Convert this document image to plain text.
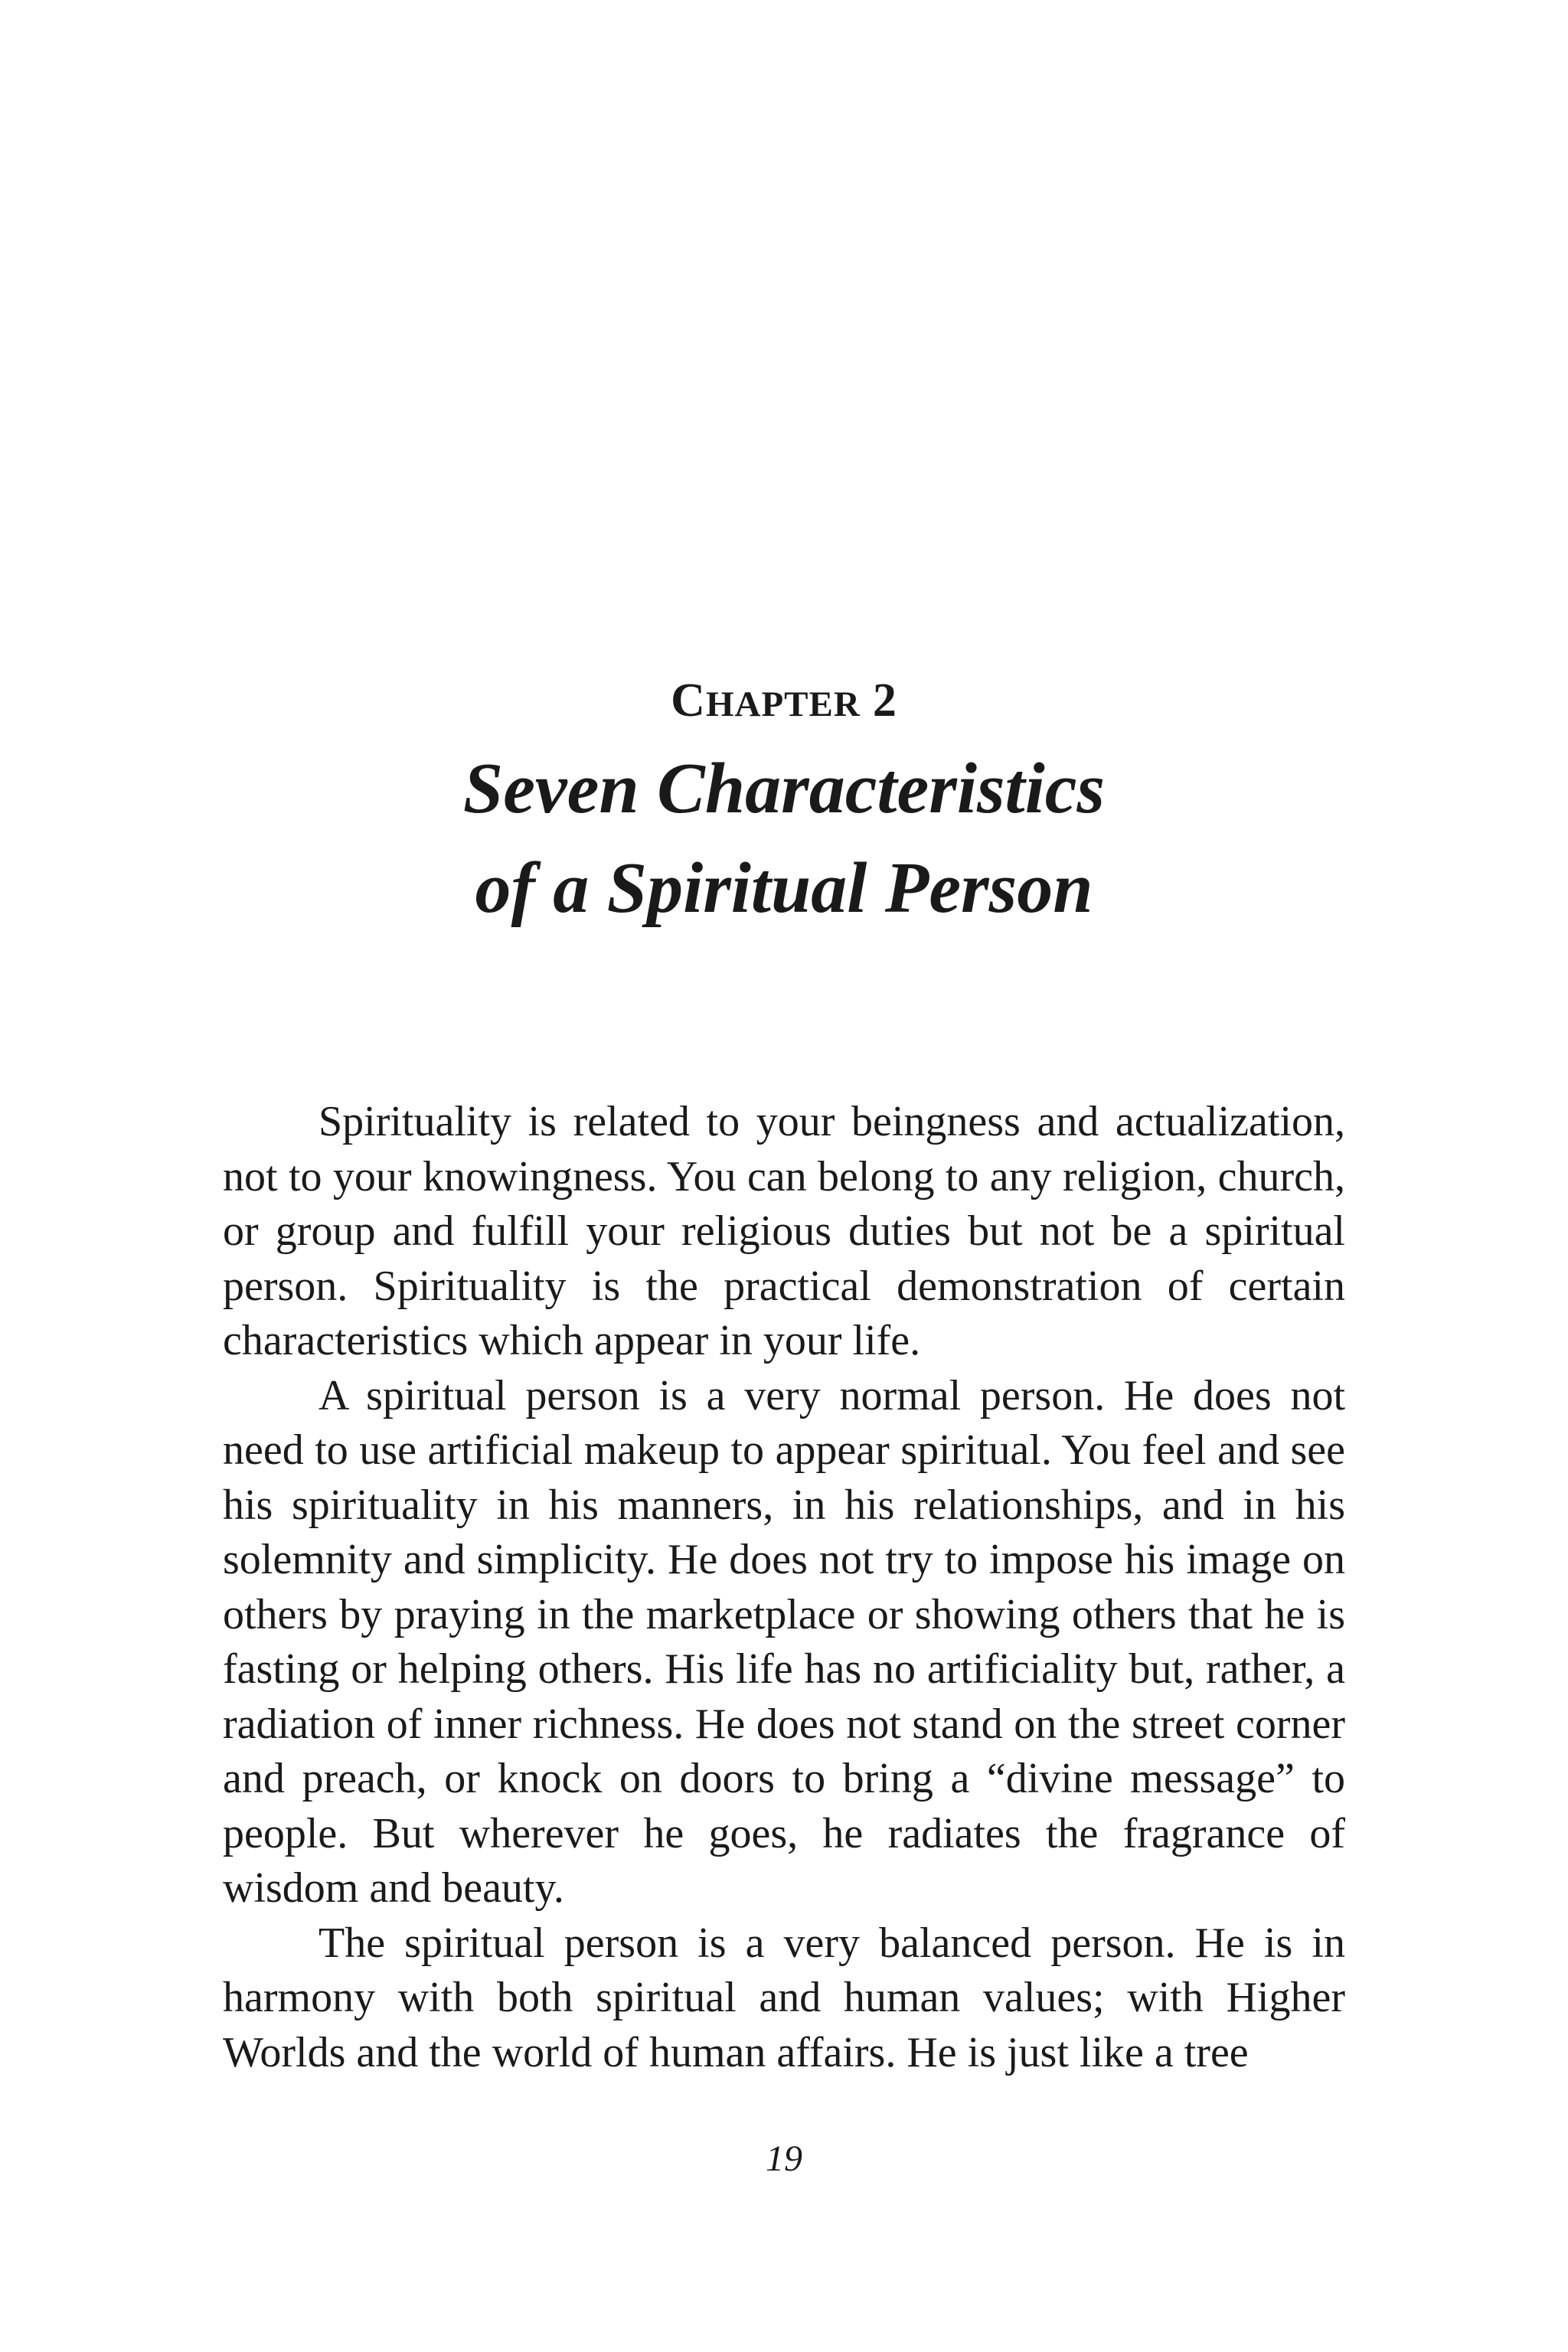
CHAPTER 2

Seven Characteristics

of a Spiritual Person

Spirituality is related to your beingness and actualization, not to your knowingness. You can belong to any religion, church, or group and fulfill your religious duties but not be a spiritual person. Spirituality is the practical demonstration of certain characteristics which appear in your life.

A spiritual person is a very normal person. He does not need to use artificial makeup to appear spiritual. You feel and see his spirituality in his manners, in his relationships, and in his solemnity and simplicity. He does not try to impose his image on others by praying in the marketplace or showing others that he is fasting or helping others. His life has no artificiality but, rather, a radiation of inner richness. He does not stand on the street corner and preach, or knock on doors to bring a “divine message” to people. But wherever he goes, he radiates the fragrance of wisdom and beauty.

The spiritual person is a very balanced person. He is in harmony with both spiritual and human values; with Higher Worlds and the world of human affairs. He is just like a tree

19
